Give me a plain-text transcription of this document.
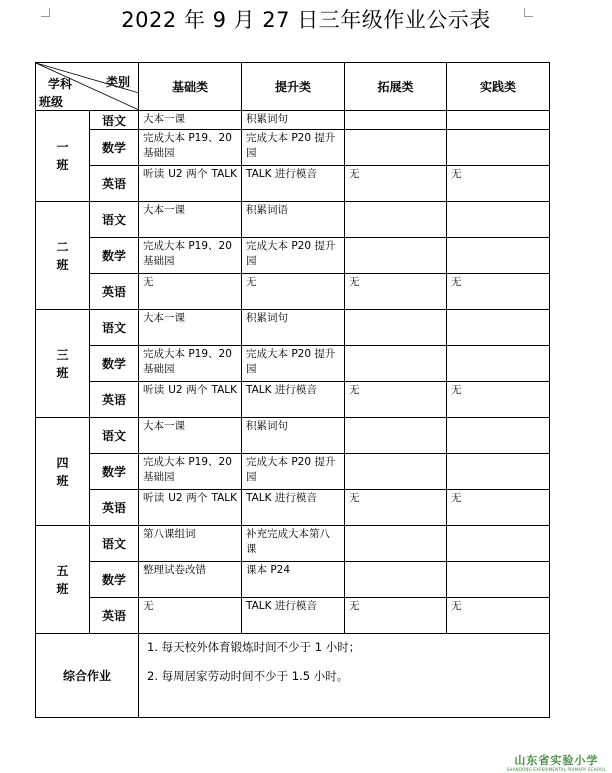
2022 年 9 月 27 日三年级作业公示表
类别
学科
班级		基础类	提升类	拓展类	实践类

一
班	语文	大本一课	积累词句		
	数学	完成大本 P19、20 基础园	完成大本 P20 提升园		
	英语	听读 U2 两个 TALK	TALK 进行模音	无	无

二
班	语文	大本一课	积累词语		
	数学	完成大本 P19、20 基础园	完成大本 P20 提升园		
	英语	无	无	无	无

三
班	语文	大本一课	积累词句		
	数学	完成大本 P19、20 基础园	完成大本 P20 提升园		
	英语	听读 U2 两个 TALK	TALK 进行模音	无	无

四
班	语文	大本一课	积累词句		
	数学	完成大本 P19、20 基础园	完成大本 P20 提升园		
	英语	听读 U2 两个 TALK	TALK 进行模音	无	无

五
班	语文	第八课组词	补充完成大本第八课		
	数学	整理试卷改错	课本 P24		
	英语	无	TALK 进行模音	无	无
综合作业		1. 每天校外体育锻炼时间不少于 1 小时；
2. 每周居家劳动时间不少于 1.5 小时。			
山东省实验小学
SHANDONG EXPERIMENTAL PRIMARY SCHOOL
